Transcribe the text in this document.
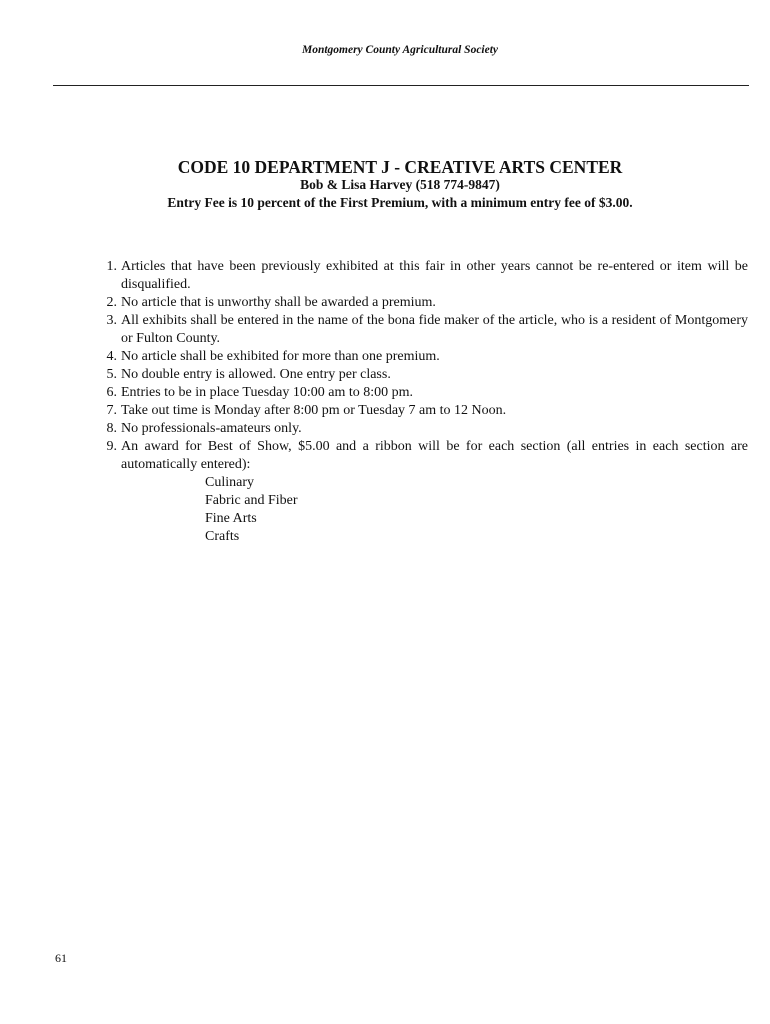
Montgomery County Agricultural Society
CODE 10 DEPARTMENT J - CREATIVE ARTS CENTER
Bob & Lisa Harvey (518 774-9847)
Entry Fee is 10 percent of the First Premium, with a minimum entry fee of $3.00.
1. Articles that have been previously exhibited at this fair in other years cannot be re-entered or item will be disqualified.
2. No article that is unworthy shall be awarded a premium.
3. All exhibits shall be entered in the name of the bona fide maker of the article, who is a resident of Montgomery or Fulton County.
4. No article shall be exhibited for more than one premium.
5. No double entry is allowed. One entry per class.
6. Entries to be in place Tuesday 10:00 am to 8:00 pm.
7. Take out time is Monday after 8:00 pm or Tuesday 7 am to 12 Noon.
8. No professionals-amateurs only.
9. An award for Best of Show, $5.00 and a ribbon will be for each section (all entries in each section are automatically entered):
Culinary
Fabric and Fiber
Fine Arts
Crafts
61
